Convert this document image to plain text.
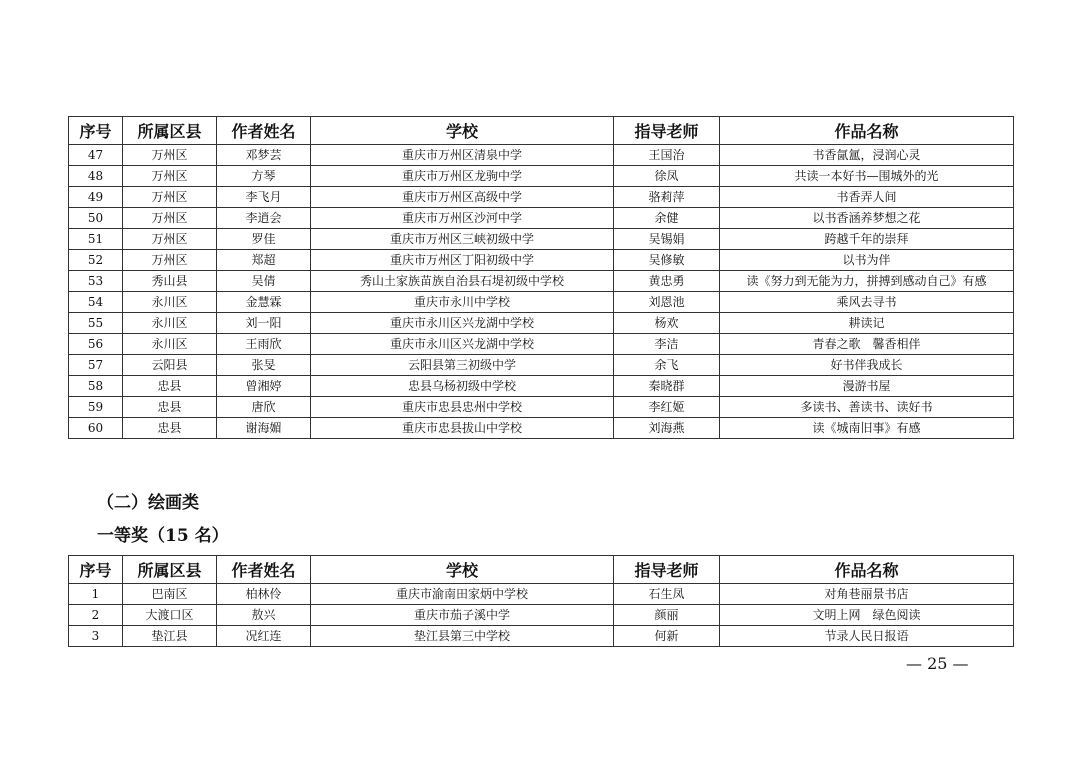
序号	所属区县	作者姓名	学校	指导老师	作品名称
47	万州区	邓梦芸	重庆市万州区清泉中学	王国治	书香氤氲，浸润心灵
48	万州区	方琴	重庆市万州区龙驹中学	徐凤	共读一本好书—围城外的光
49	万州区	李飞月	重庆市万州区高级中学	骆莉萍	书香弄人间
50	万州区	李逍会	重庆市万州区沙河中学	余健	以书香涵养梦想之花
51	万州区	罗佳	重庆市万州区三峡初级中学	吴锡娟	跨越千年的崇拜
52	万州区	郑超	重庆市万州区丁阳初级中学	吴修敏	以书为伴
53	秀山县	吴倩	秀山土家族苗族自治县石堤初级中学校	黄忠勇	读《努力到无能为力，拼搏到感动自己》有感
54	永川区	金慧霖	重庆市永川中学校	刘恩池	乘风去寻书
55	永川区	刘一阳	重庆市永川区兴龙湖中学校	杨欢	耕读记
56	永川区	王雨欣	重庆市永川区兴龙湖中学校	李洁	青春之歌　馨香相伴
57	云阳县	张旻	云阳县第三初级中学	余飞	好书伴我成长
58	忠县	曾湘婷	忠县乌杨初级中学校	秦晓群	漫游书屋
59	忠县	唐欣	重庆市忠县忠州中学校	李红姬	多读书、善读书、读好书
60	忠县	谢海媚	重庆市忠县拔山中学校	刘海燕	读《城南旧事》有感
（二）绘画类
一等奖（15 名）
序号	所属区县	作者姓名	学校	指导老师	作品名称
1	巴南区	柏林伶	重庆市渝南田家炳中学校	石生凤	对角巷丽景书店
2	大渡口区	敖兴	重庆市茄子溪中学	颜丽	文明上网　绿色阅读
3	垫江县	况红连	垫江县第三中学校	何新	节录人民日报语
— 25 —
